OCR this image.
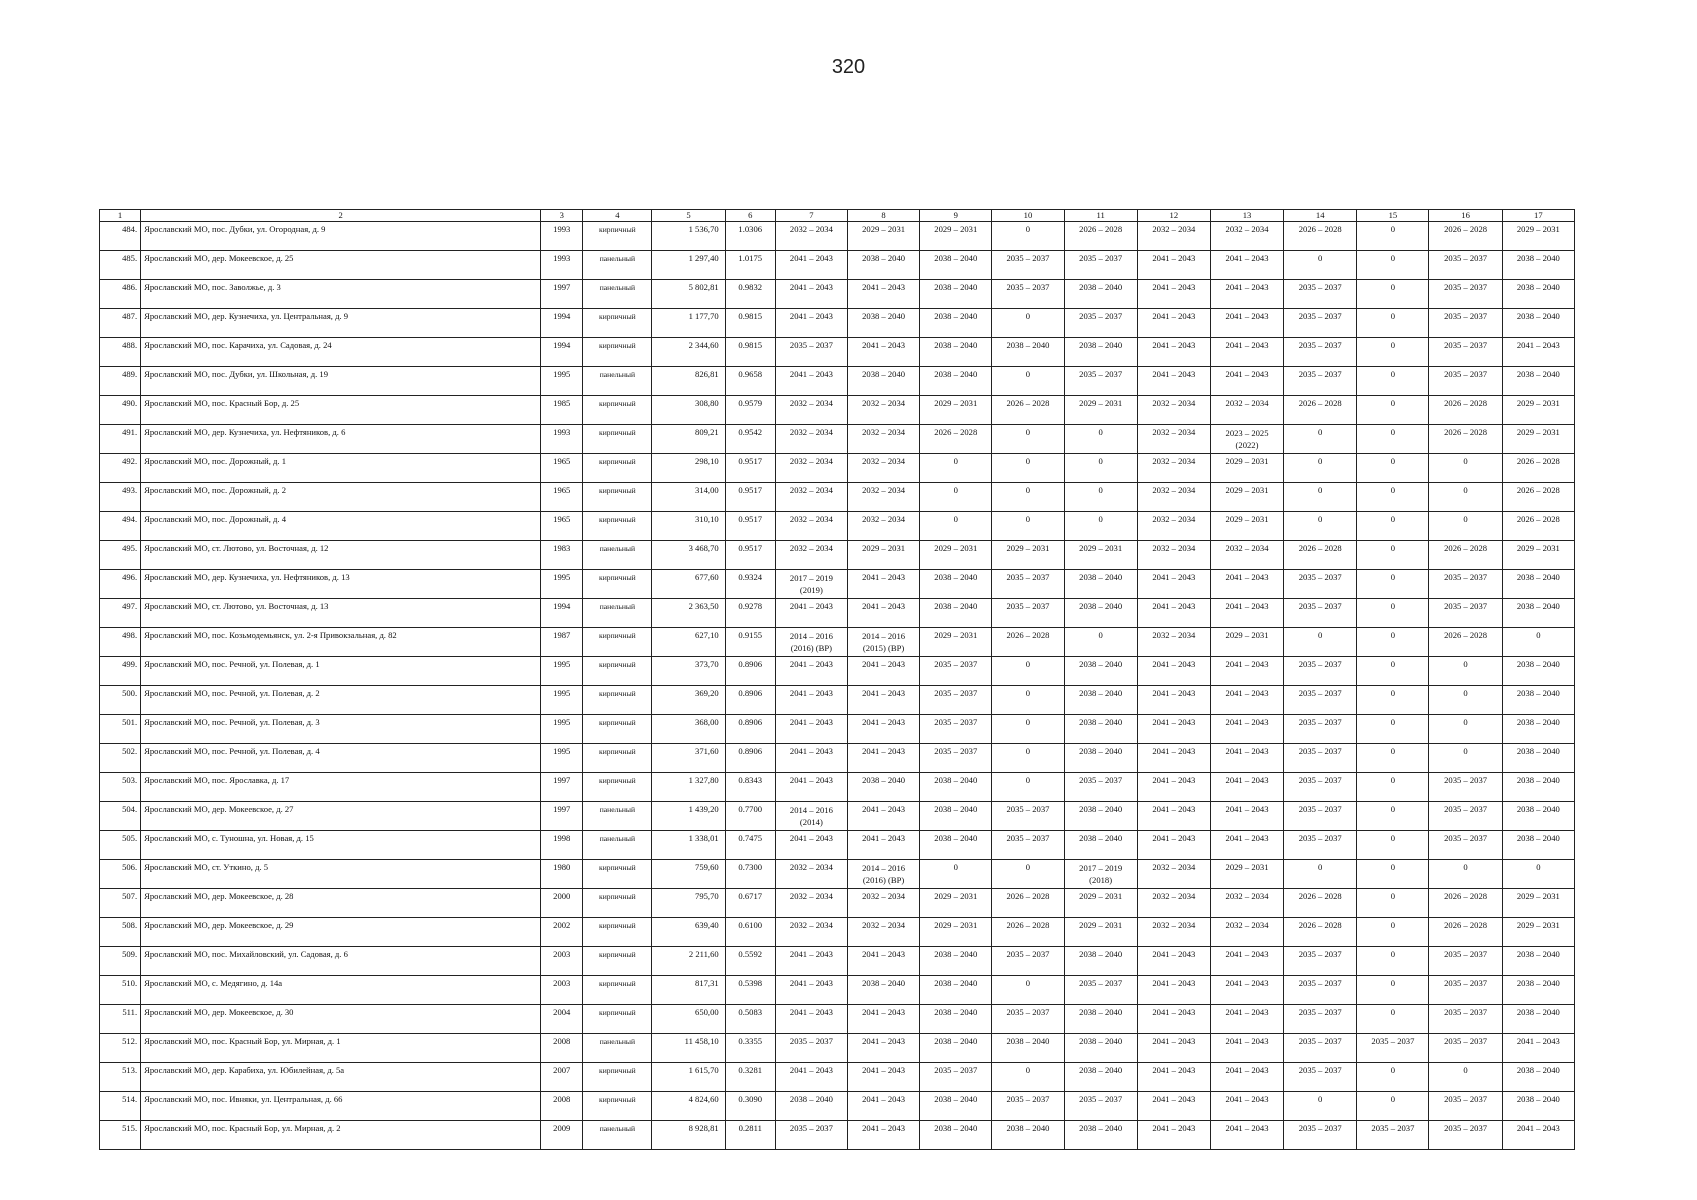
320
1	2	3	4	5	6	7	8	9	10	11	12	13	14	15	16	17
484.	Ярославский МО, пос. Дубки, ул. Огородная, д. 9	1993	кирпичный	1 536,70	1.0306	2032 – 2034	2029 – 2031	2029 – 2031	0	2026 – 2028	2032 – 2034	2032 – 2034	2026 – 2028	0	2026 – 2028	2029 – 2031
485.	Ярославский МО, дер. Мокеевское, д. 25	1993	панельный	1 297,40	1.0175	2041 – 2043	2038 – 2040	2038 – 2040	2035 – 2037	2035 – 2037	2041 – 2043	2041 – 2043	0	0	2035 – 2037	2038 – 2040
486.	Ярославский МО, пос. Заволжье, д. 3	1997	панельный	5 802,81	0.9832	2041 – 2043	2041 – 2043	2038 – 2040	2035 – 2037	2038 – 2040	2041 – 2043	2041 – 2043	2035 – 2037	0	2035 – 2037	2038 – 2040
487.	Ярославский МО, дер. Кузнечиха, ул. Центральная, д. 9	1994	кирпичный	1 177,70	0.9815	2041 – 2043	2038 – 2040	2038 – 2040	0	2035 – 2037	2041 – 2043	2041 – 2043	2035 – 2037	0	2035 – 2037	2038 – 2040
488.	Ярославский МО, пос. Карачиха, ул. Садовая, д. 24	1994	кирпичный	2 344,60	0.9815	2035 – 2037	2041 – 2043	2038 – 2040	2038 – 2040	2038 – 2040	2041 – 2043	2041 – 2043	2035 – 2037	0	2035 – 2037	2041 – 2043
489.	Ярославский МО, пос. Дубки, ул. Школьная, д. 19	1995	панельный	826,81	0.9658	2041 – 2043	2038 – 2040	2038 – 2040	0	2035 – 2037	2041 – 2043	2041 – 2043	2035 – 2037	0	2035 – 2037	2038 – 2040
490.	Ярославский МО, пос. Красный Бор, д. 25	1985	кирпичный	308,80	0.9579	2032 – 2034	2032 – 2034	2029 – 2031	2026 – 2028	2029 – 2031	2032 – 2034	2032 – 2034	2026 – 2028	0	2026 – 2028	2029 – 2031
491.	Ярославский МО, дер. Кузнечиха, ул. Нефтяников, д. 6	1993	кирпичный	809,21	0.9542	2032 – 2034	2032 – 2034	2026 – 2028	0	0	2032 – 2034	2023 – 2025 (2022)	0	0	2026 – 2028	2029 – 2031
492.	Ярославский МО, пос. Дорожный, д. 1	1965	кирпичный	298,10	0.9517	2032 – 2034	2032 – 2034	0	0	0	2032 – 2034	2029 – 2031	0	0	0	2026 – 2028
493.	Ярославский МО, пос. Дорожный, д. 2	1965	кирпичный	314,00	0.9517	2032 – 2034	2032 – 2034	0	0	0	2032 – 2034	2029 – 2031	0	0	0	2026 – 2028
494.	Ярославский МО, пос. Дорожный, д. 4	1965	кирпичный	310,10	0.9517	2032 – 2034	2032 – 2034	0	0	0	2032 – 2034	2029 – 2031	0	0	0	2026 – 2028
495.	Ярославский МО, ст. Лютово, ул. Восточная, д. 12	1983	панельный	3 468,70	0.9517	2032 – 2034	2029 – 2031	2029 – 2031	2029 – 2031	2029 – 2031	2032 – 2034	2032 – 2034	2026 – 2028	0	2026 – 2028	2029 – 2031
496.	Ярославский МО, дер. Кузнечиха, ул. Нефтяников, д. 13	1995	кирпичный	677,60	0.9324	2017 – 2019 (2019)	2041 – 2043	2038 – 2040	2035 – 2037	2038 – 2040	2041 – 2043	2041 – 2043	2035 – 2037	0	2035 – 2037	2038 – 2040
497.	Ярославский МО, ст. Лютово, ул. Восточная, д. 13	1994	панельный	2 363,50	0.9278	2041 – 2043	2041 – 2043	2038 – 2040	2035 – 2037	2038 – 2040	2041 – 2043	2041 – 2043	2035 – 2037	0	2035 – 2037	2038 – 2040
498.	Ярославский МО, пос. Козьмодемьянск, ул. 2-я Привокзальная, д. 82	1987	кирпичный	627,10	0.9155	2014 – 2016 (2016) (ВР)	2014 – 2016 (2015) (ВР)	2029 – 2031	2026 – 2028	0	2032 – 2034	2029 – 2031	0	0	2026 – 2028	0
499.	Ярославский МО, пос. Речной, ул. Полевая, д. 1	1995	кирпичный	373,70	0.8906	2041 – 2043	2041 – 2043	2035 – 2037	0	2038 – 2040	2041 – 2043	2041 – 2043	2035 – 2037	0	0	2038 – 2040
500.	Ярославский МО, пос. Речной, ул. Полевая, д. 2	1995	кирпичный	369,20	0.8906	2041 – 2043	2041 – 2043	2035 – 2037	0	2038 – 2040	2041 – 2043	2041 – 2043	2035 – 2037	0	0	2038 – 2040
501.	Ярославский МО, пос. Речной, ул. Полевая, д. 3	1995	кирпичный	368,00	0.8906	2041 – 2043	2041 – 2043	2035 – 2037	0	2038 – 2040	2041 – 2043	2041 – 2043	2035 – 2037	0	0	2038 – 2040
502.	Ярославский МО, пос. Речной, ул. Полевая, д. 4	1995	кирпичный	371,60	0.8906	2041 – 2043	2041 – 2043	2035 – 2037	0	2038 – 2040	2041 – 2043	2041 – 2043	2035 – 2037	0	0	2038 – 2040
503.	Ярославский МО, пос. Ярославка, д. 17	1997	кирпичный	1 327,80	0.8343	2041 – 2043	2038 – 2040	2038 – 2040	0	2035 – 2037	2041 – 2043	2041 – 2043	2035 – 2037	0	2035 – 2037	2038 – 2040
504.	Ярославский МО, дер. Мокеевское, д. 27	1997	панельный	1 439,20	0.7700	2014 – 2016 (2014)	2041 – 2043	2038 – 2040	2035 – 2037	2038 – 2040	2041 – 2043	2041 – 2043	2035 – 2037	0	2035 – 2037	2038 – 2040
505.	Ярославский МО, с. Туношна, ул. Новая, д. 15	1998	панельный	1 338,01	0.7475	2041 – 2043	2041 – 2043	2038 – 2040	2035 – 2037	2038 – 2040	2041 – 2043	2041 – 2043	2035 – 2037	0	2035 – 2037	2038 – 2040
506.	Ярославский МО, ст. Уткино, д. 5	1980	кирпичный	759,60	0.7300	2032 – 2034	2014 – 2016 (2016) (ВР)	0	0	2017 – 2019 (2018)	2032 – 2034	2029 – 2031	0	0	0	0
507.	Ярославский МО, дер. Мокеевское, д. 28	2000	кирпичный	795,70	0.6717	2032 – 2034	2032 – 2034	2029 – 2031	2026 – 2028	2029 – 2031	2032 – 2034	2032 – 2034	2026 – 2028	0	2026 – 2028	2029 – 2031
508.	Ярославский МО, дер. Мокеевское, д. 29	2002	кирпичный	639,40	0.6100	2032 – 2034	2032 – 2034	2029 – 2031	2026 – 2028	2029 – 2031	2032 – 2034	2032 – 2034	2026 – 2028	0	2026 – 2028	2029 – 2031
509.	Ярославский МО, пос. Михайловский, ул. Садовая, д. 6	2003	кирпичный	2 211,60	0.5592	2041 – 2043	2041 – 2043	2038 – 2040	2035 – 2037	2038 – 2040	2041 – 2043	2041 – 2043	2035 – 2037	0	2035 – 2037	2038 – 2040
510.	Ярославский МО, с. Медягино, д. 14а	2003	кирпичный	817,31	0.5398	2041 – 2043	2038 – 2040	2038 – 2040	0	2035 – 2037	2041 – 2043	2041 – 2043	2035 – 2037	0	2035 – 2037	2038 – 2040
511.	Ярославский МО, дер. Мокеевское, д. 30	2004	кирпичный	650,00	0.5083	2041 – 2043	2041 – 2043	2038 – 2040	2035 – 2037	2038 – 2040	2041 – 2043	2041 – 2043	2035 – 2037	0	2035 – 2037	2038 – 2040
512.	Ярославский МО, пос. Красный Бор, ул. Мирная, д. 1	2008	панельный	11 458,10	0.3355	2035 – 2037	2041 – 2043	2038 – 2040	2038 – 2040	2038 – 2040	2041 – 2043	2041 – 2043	2035 – 2037	2035 – 2037	2035 – 2037	2041 – 2043
513.	Ярославский МО, дер. Карабиха, ул. Юбилейная, д. 5а	2007	кирпичный	1 615,70	0.3281	2041 – 2043	2041 – 2043	2035 – 2037	0	2038 – 2040	2041 – 2043	2041 – 2043	2035 – 2037	0	0	2038 – 2040
514.	Ярославский МО, пос. Ивняки, ул. Центральная, д. 66	2008	кирпичный	4 824,60	0.3090	2038 – 2040	2041 – 2043	2038 – 2040	2035 – 2037	2035 – 2037	2041 – 2043	2041 – 2043	0	0	2035 – 2037	2038 – 2040
515.	Ярославский МО, пос. Красный Бор, ул. Мирная, д. 2	2009	панельный	8 928,81	0.2811	2035 – 2037	2041 – 2043	2038 – 2040	2038 – 2040	2038 – 2040	2041 – 2043	2041 – 2043	2035 – 2037	2035 – 2037	2035 – 2037	2041 – 2043
